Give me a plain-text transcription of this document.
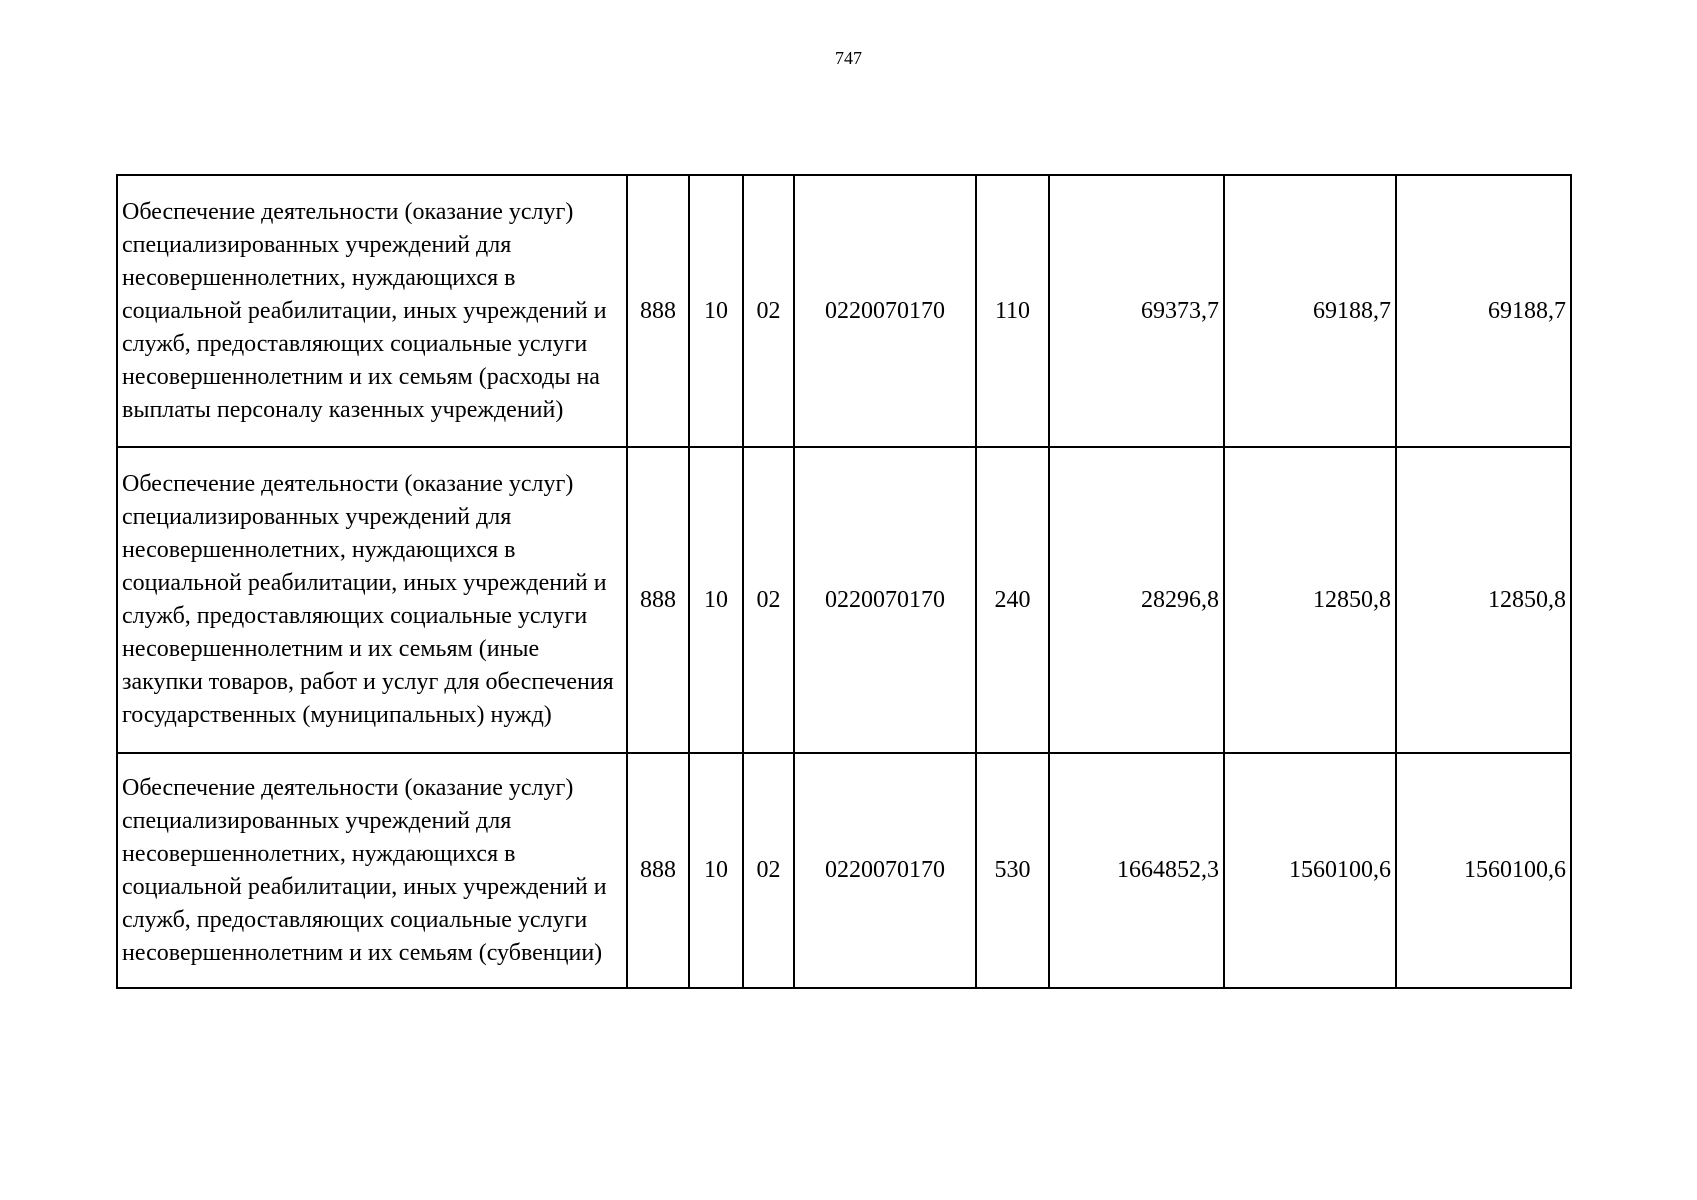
747
Обеспечение деятельности (оказание услуг) специализированных учреждений для несовершеннолетних, нуждающихся в социальной реабилитации, иных учреждений и служб, предоставляющих социальные услуги несовершеннолетним и их семьям (расходы на выплаты персоналу казенных учреждений)	888	10	02	0220070170	110	69373,7	69188,7	69188,7
Обеспечение деятельности (оказание услуг) специализированных учреждений для несовершеннолетних, нуждающихся в социальной реабилитации, иных учреждений и служб, предоставляющих социальные услуги несовершеннолетним и их семьям (иные закупки товаров, работ и услуг для обеспечения государственных (муниципальных) нужд)	888	10	02	0220070170	240	28296,8	12850,8	12850,8
Обеспечение деятельности (оказание услуг) специализированных учреждений для несовершеннолетних, нуждающихся в социальной реабилитации, иных учреждений и служб, предоставляющих социальные услуги несовершеннолетним и их семьям (субвенции)	888	10	02	0220070170	530	1664852,3	1560100,6	1560100,6
